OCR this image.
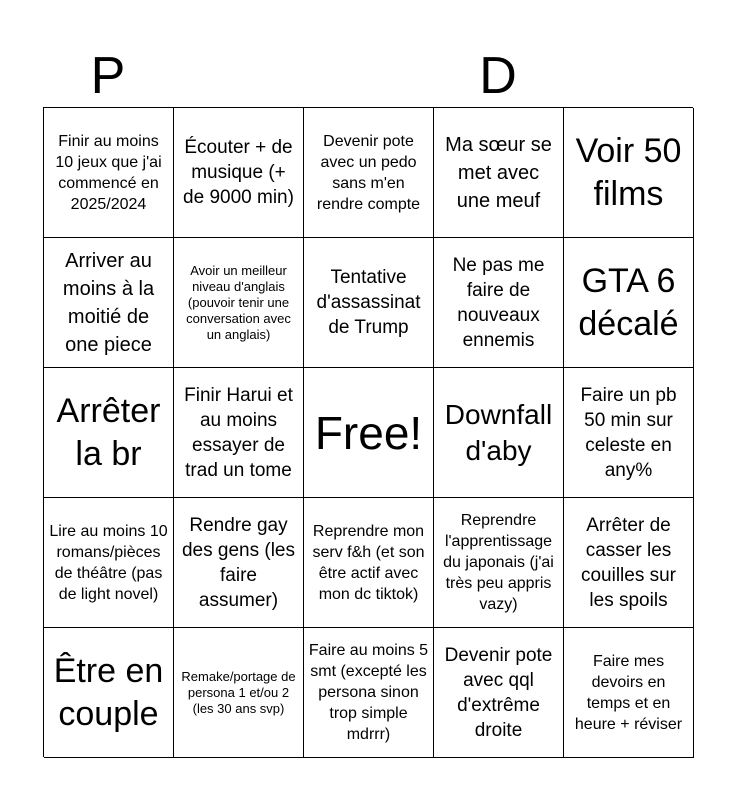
P	D
Finir au moins 10 jeux que j'ai commencé en 2025/2024
Écouter + de musique (+ de 9000 min)
Devenir pote avec un pedo sans m'en rendre compte
Ma sœur se met avec une meuf
Voir 50 films
Arriver au moins à la moitié de one piece
Avoir un meilleur niveau d'anglais (pouvoir tenir une conversation avec un anglais)
Tentative d'assassinat de Trump
Ne pas me faire de nouveaux ennemis
GTA 6 décalé
Arrêter la br
Finir Harui et au moins essayer de trad un tome
Free! Downfall d'aby
Faire un pb 50 min sur celeste en any%
Lire au moins 10 romans/pièces de théâtre (pas de light novel)
Rendre gay des gens (les faire assumer)
Reprendre mon serv f&h (et son être actif avec mon dc tiktok)
Reprendre l'apprentissage du japonais (j'ai très peu appris vazy)
Arrêter de casser les couilles sur les spoils
Être en couple
Remake/portage de persona 1 et/ou 2 (les 30 ans svp)
Faire au moins 5 smt (excepté les persona sinon trop simple mdrrr)
Devenir pote avec qql d'extrême droite
Faire mes devoirs en temps et en heure + réviser
